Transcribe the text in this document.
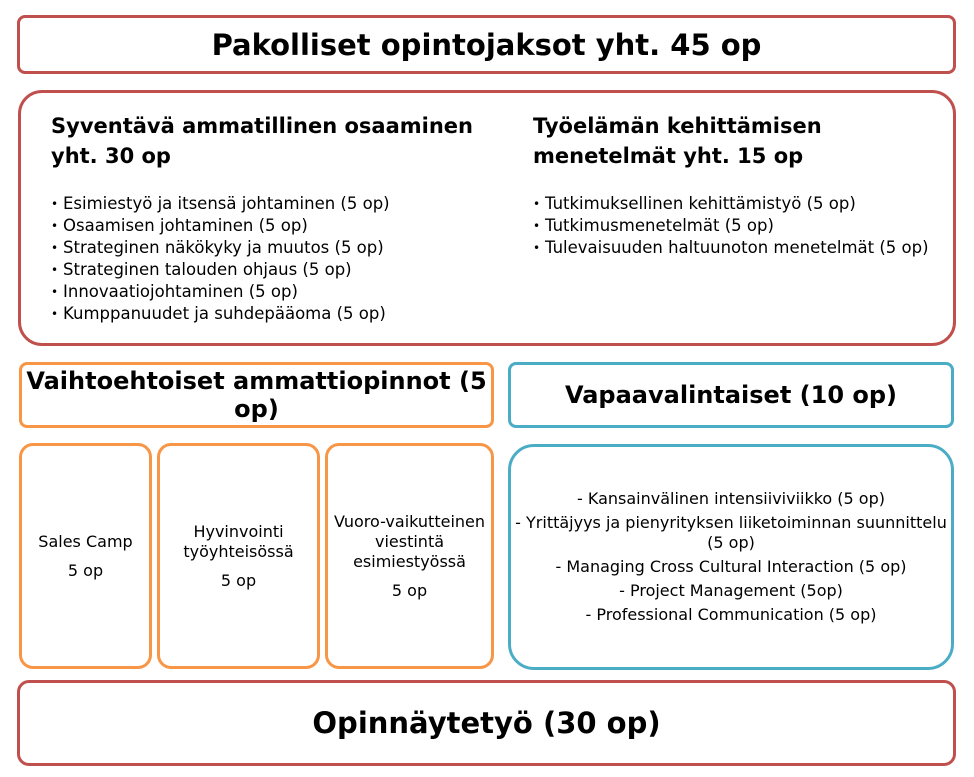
Pakolliset opintojaksot yht. 45 op
Syventävä ammatillinen osaaminen yht. 30 op
• Esimiestyö ja itsensä johtaminen (5 op)
• Osaamisen johtaminen (5 op)
• Strateginen näkökyky ja muutos (5 op)
• Strateginen talouden ohjaus (5 op)
• Innovaatiojohtaminen (5 op)
• Kumppanuudet ja suhdepääoma (5 op)
Työelämän kehittämisen menetelmät yht. 15 op
• Tutkimuksellinen kehittämistyö (5 op)
• Tutkimusmenetelmät (5 op)
• Tulevaisuuden haltuunoton menetelmät (5 op)
Vaihtoehtoiset ammattiopinnot (5 op)	Vapaavalintaiset (10 op)
Sales Camp
5 op
Hyvinvointi työyhteisössä
5 op
Vuoro-vaikutteinen viestintä esimiestyössä
5 op
- Kansainvälinen intensiiviviikko (5 op)
- Yrittäjyys ja pienyrityksen liiketoiminnan suunnittelu (5 op)
- Managing Cross Cultural Interaction (5 op)
- Project Management (5op)
- Professional Communication (5 op)
Opinnäytetyö (30 op)
